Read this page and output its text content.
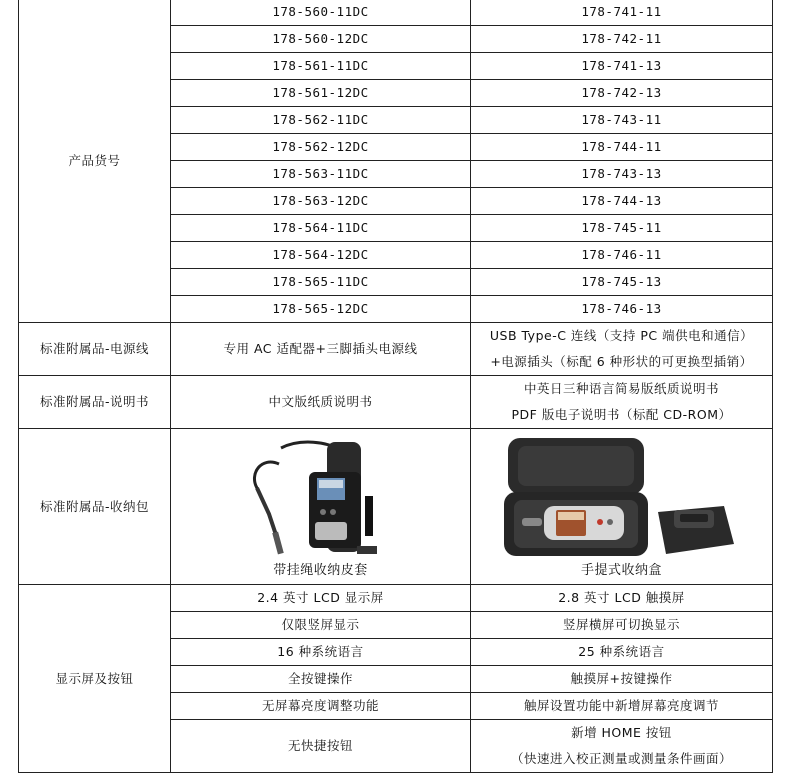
产品货号	178-560-11DC	178-741-11
	178-560-12DC	178-742-11
	178-561-11DC	178-741-13
	178-561-12DC	178-742-13
	178-562-11DC	178-743-11
	178-562-12DC	178-744-11
	178-563-11DC	178-743-13
	178-563-12DC	178-744-13
	178-564-11DC	178-745-11
	178-564-12DC	178-746-11
	178-565-11DC	178-745-13
	178-565-12DC	178-746-13
标准附属品-电源线	专用 AC 适配器+三脚插头电源线	USB Type-C 连线（支持 PC 端供电和通信）
+电源插头（标配 6 种形状的可更换型插销）

标准附属品-说明书	中文版纸质说明书	中英日三种语言简易版纸质说明书
PDF 版电子说明书（标配 CD-ROM）

标准附属品-收纳包	带挂绳收纳皮套	手提式收纳盒

显示屏及按钮	2.4 英寸 LCD 显示屏	2.8 英寸 LCD 触摸屏
	仅限竖屏显示	竖屏横屏可切换显示
	16 种系统语言	25 种系统语言
	全按键操作	触摸屏+按键操作
	无屏幕亮度调整功能	触屏设置功能中新增屏幕亮度调节
	无快捷按钮	新增 HOME 按钮
（快速进入校正测量或测量条件画面）
